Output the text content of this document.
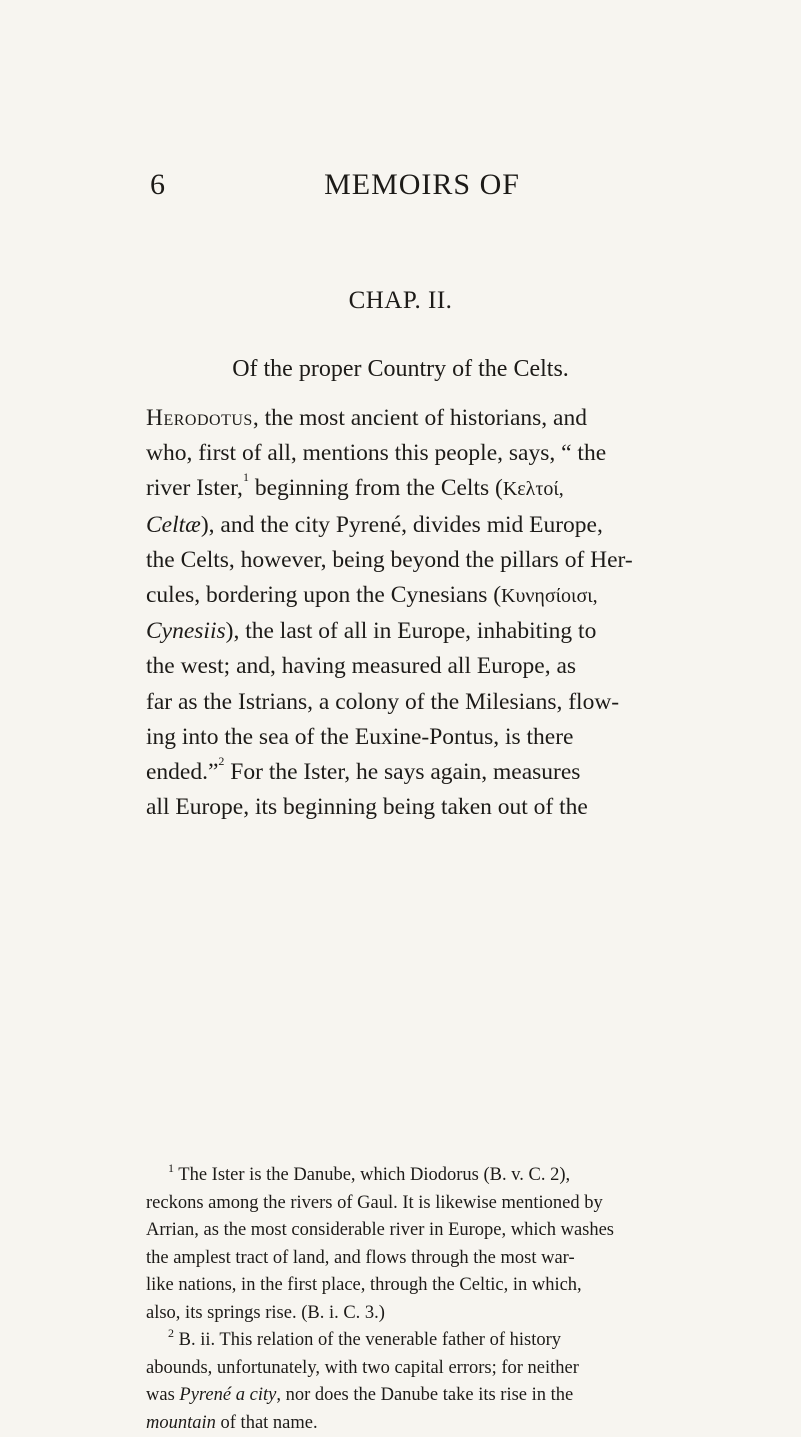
6	MEMOIRS OF
CHAP. II.
Of the proper Country of the Celts.
Herodotus, the most ancient of historians, and
who, first of all, mentions this people, says, “ the
river Ister,$^1$ beginning from the Celts (Κελτοί,
Celtæ), and the city Pyrené, divides mid Europe,
the Celts, however, being beyond the pillars of Her-
cules, bordering upon the Cynesians (Κυνησίοισι,
Cynesiis), the last of all in Europe, inhabiting to
the west; and, having measured all Europe, as
far as the Istrians, a colony of the Milesians, flow-
ing into the sea of the Euxine-Pontus, is there
ended.”$^2$ For the Ister, he says again, measures
all Europe, its beginning being taken out of the
$^1$ The Ister is the Danube, which Diodorus (B. v. C. 2),
reckons among the rivers of Gaul. It is likewise mentioned by
Arrian, as the most considerable river in Europe, which washes
the amplest tract of land, and flows through the most war-
like nations, in the first place, through the Celtic, in which,
also, its springs rise. (B. i. C. 3.)
$^2$ B. ii. This relation of the venerable father of history
abounds, unfortunately, with two capital errors; for neither
was Pyrené a city, nor does the Danube take its rise in the
mountain of that name.
